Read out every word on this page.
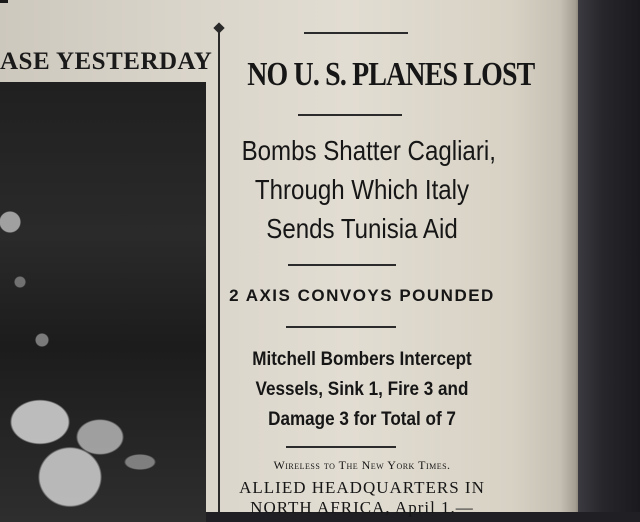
ASE YESTERDAY NO U. S. PLANES LOST

Bombs Shatter Cagliari,

Through Which Italy

Sends Tunisia Aid

2 AXIS CONVOYS POUNDED

Mitchell Bombers Intercept

Vessels, Sink 1, Fire 3 and

Damage 3 for Total of 7

Wireless to The New York Times.

ALLIED HEADQUARTERS IN

NORTH AFRICA, April 1.—
